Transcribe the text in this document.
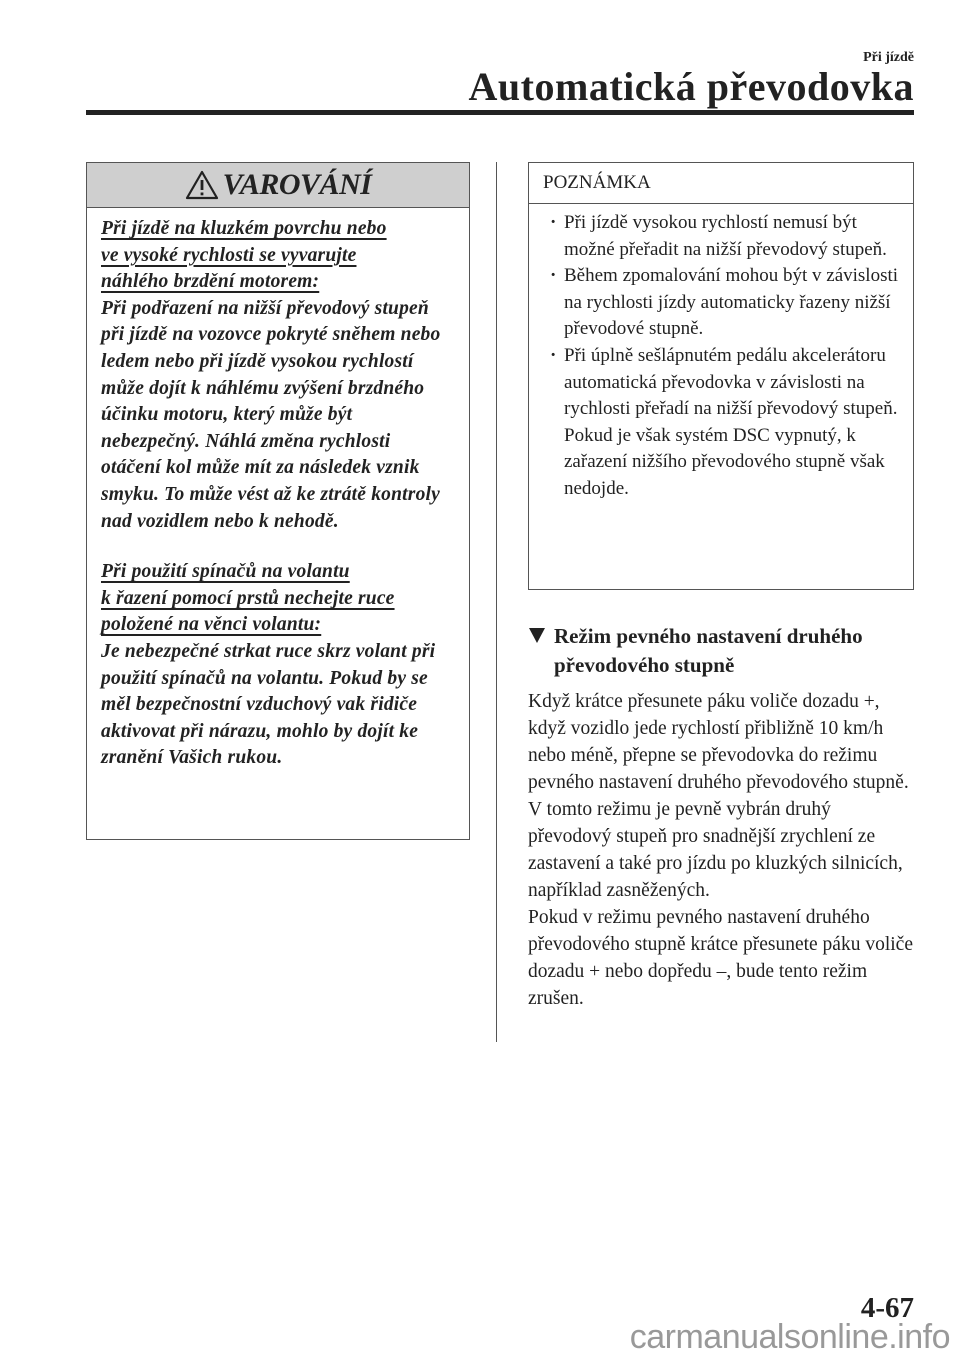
Při jízdě
Automatická převodovka
VAROVÁNÍ

Při jízdě na kluzkém povrchu nebo

ve vysoké rychlosti se vyvarujte

náhlého brzdění motorem:

Při podřazení na nižší převodový stupeň při jízdě na vozovce pokryté sněhem nebo ledem nebo při jízdě vysokou rychlostí může dojít k náhlému zvýšení brzdného účinku motoru, který může být nebezpečný. Náhlá změna rychlosti otáčení kol může mít za následek vznik smyku. To může vést až ke ztrátě kontroly nad vozidlem nebo k nehodě.

Při použití spínačů na volantu

k řazení pomocí prstů nechejte ruce

položené na věnci volantu:

Je nebezpečné strkat ruce skrz volant při použití spínačů na volantu. Pokud by se měl bezpečnostní vzduchový vak řidiče aktivovat při nárazu, mohlo by dojít ke zranění Vašich rukou.

POZNÁMKA
· Při jízdě vysokou rychlostí nemusí být možné přeřadit na nižší převodový stupeň.
· Během zpomalování mohou být v závislosti na rychlosti jízdy automaticky řazeny nižší převodové stupně.
· Při úplně sešlápnutém pedálu akcelerátoru automatická převodovka v závislosti na rychlosti přeřadí na nižší převodový stupeň. Pokud je však systém DSC vypnutý, k zařazení nižšího převodového stupně však nedojde.
Režim pevného nastavení druhého převodového stupně

Když krátce přesunete páku voliče dozadu +, když vozidlo jede rychlostí přibližně 10 km/h nebo méně, přepne se převodovka do režimu pevného nastavení druhého převodového stupně. V tomto režimu je pevně vybrán druhý převodový stupeň pro snadnější zrychlení ze zastavení a také pro jízdu po kluzkých silnicích, například zasněžených.

Pokud v režimu pevného nastavení druhého převodového stupně krátce přesunete páku voliče dozadu + nebo dopředu –, bude tento režim zrušen.

4-67
carmanualsonline.info
